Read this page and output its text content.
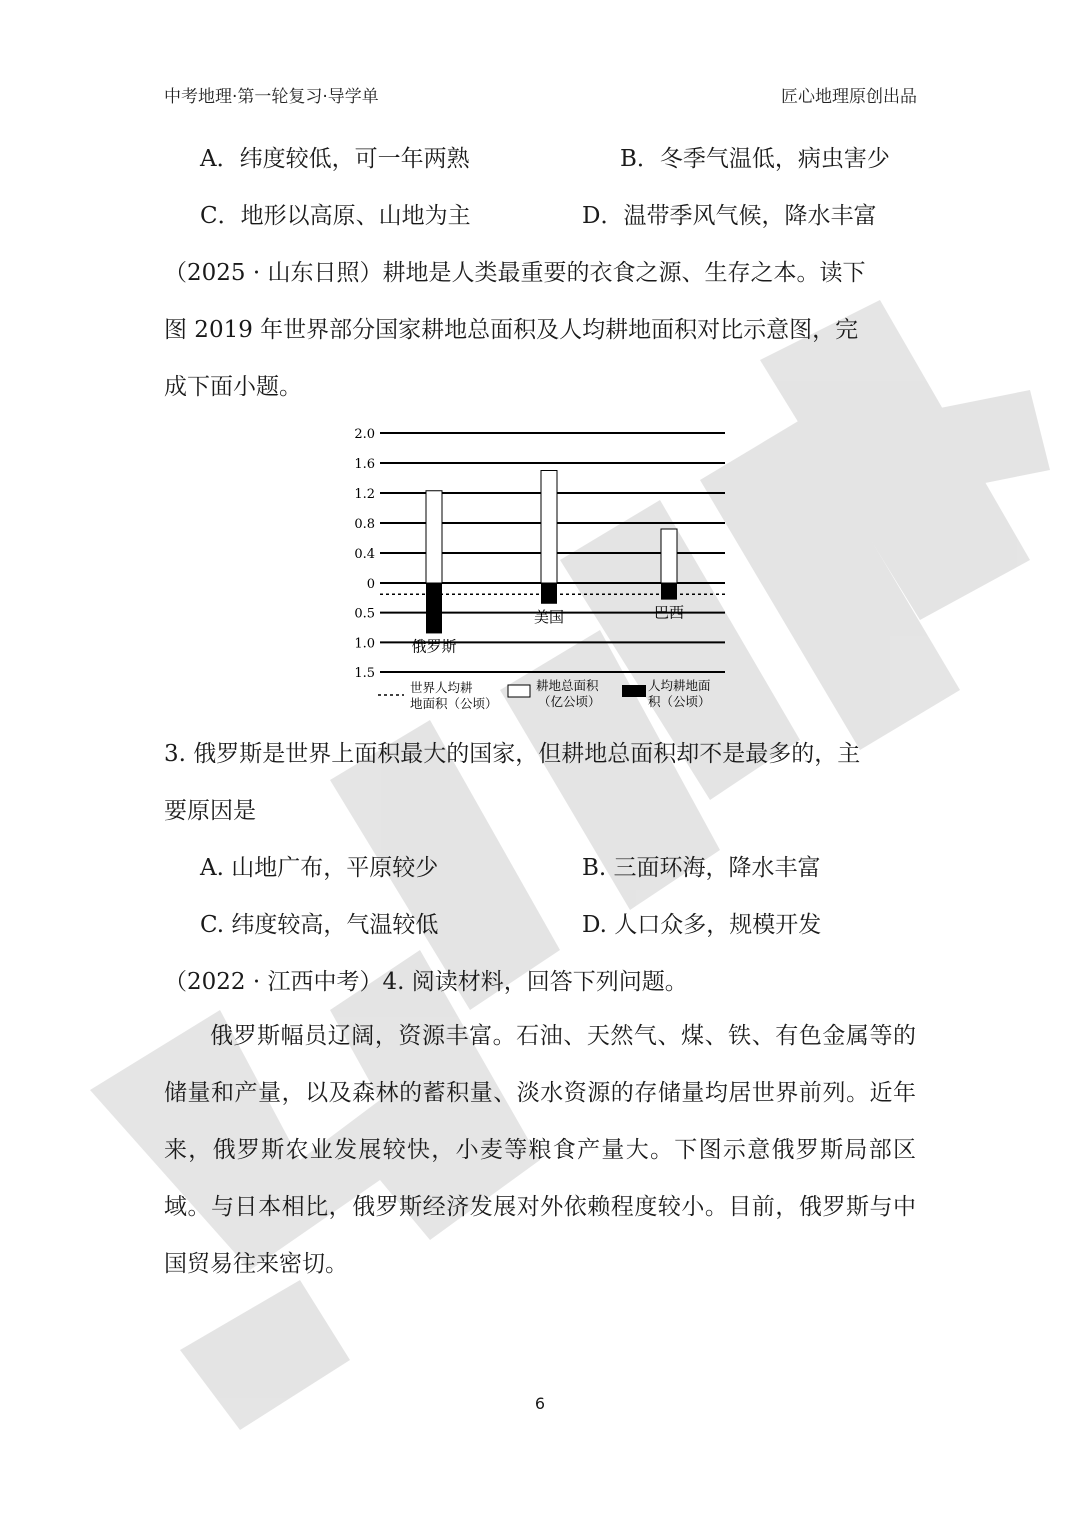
中考地理·第一轮复习·导学单	匠心地理原创出品
A．纬度较低，可一年两熟	B．冬季气温低，病虫害少
C．地形以高原、山地为主	D．温带季风气候，降水丰富
（2025 · 山东日照）耕地是人类最重要的衣食之源、生存之本。读下
图 2019 年世界部分国家耕地总面积及人均耕地面积对比示意图，完
成下面小题。
2.0
1.6
1.2
0.8
0.4
0
0.5
1.0
1.5
俄罗斯
美国	巴西
世界人均耕
地面积（公顷）
耕地总面积
（亿公顷）
人均耕地面
积（公顷）
3. 俄罗斯是世界上面积最大的国家，但耕地总面积却不是最多的，主
要原因是
A. 山地广布，平原较少	B. 三面环海，降水丰富
C. 纬度较高，气温较低	D. 人口众多，规模开发
（2022 · 江西中考）4. 阅读材料，回答下列问题。
俄罗斯幅员辽阔，资源丰富。石油、天然气、煤、铁、有色金属等的储量和产量，以及森林的蓄积量、淡水资源的存储量均居世界前列。近年来，俄罗斯农业发展较快，小麦等粮食产量大。下图示意俄罗斯局部区域。与日本相比，俄罗斯经济发展对外依赖程度较小。目前，俄罗斯与中国贸易往来密切。
6
